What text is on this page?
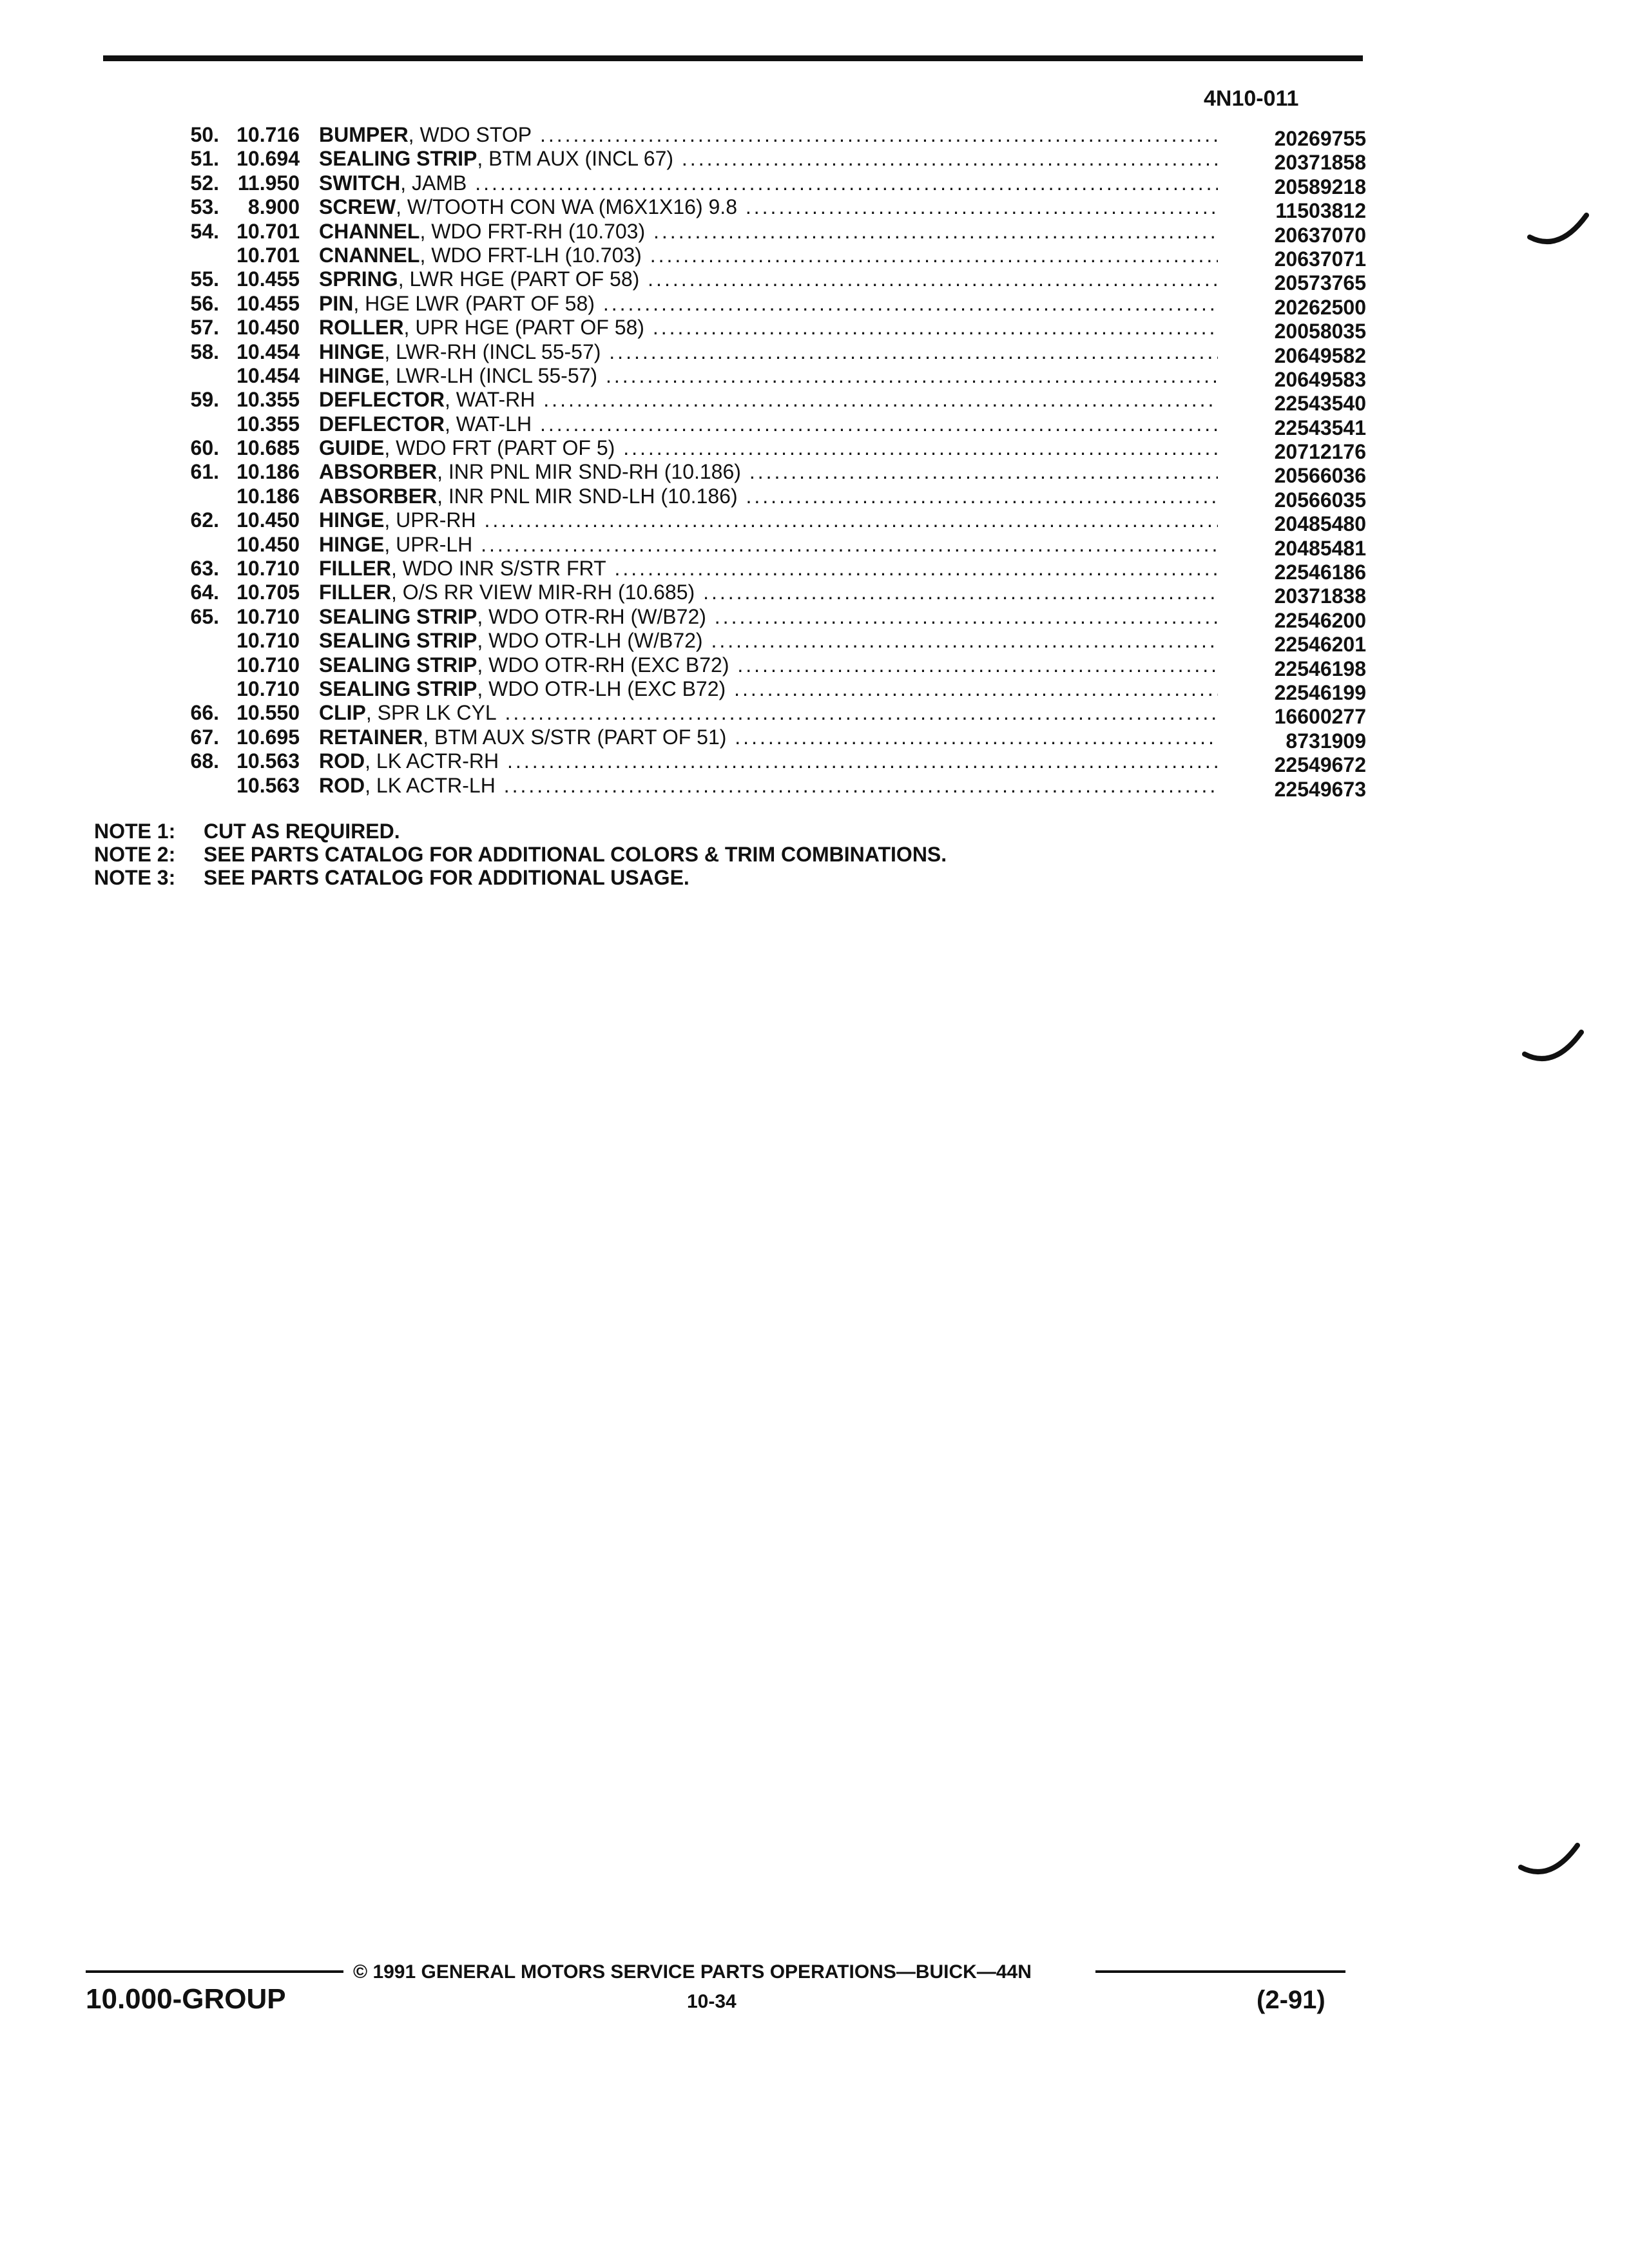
4N10-011
50. 10.716 BUMPER, WDO STOP .....	20269755
51. 10.694 SEALING STRIP, BTM AUX (INCL 67) .....	20371858
52. 11.950 SWITCH, JAMB .....	20589218
53.	8.900 SCREW, W/TOOTH CON WA (M6X1X16) 9.8 .....	11503812
54. 10.701 CHANNEL, WDO FRT-RH (10.703) .....	20637070
10.701 CNANNEL, WDO FRT-LH (10.703) .....	20637071
55. 10.455 SPRING, LWR HGE (PART OF 58) .....	20573765
56. 10.455 PIN, HGE LWR (PART OF 58) .....	20262500
57. 10.450 ROLLER, UPR HGE (PART OF 58) .....	20058035
58. 10.454 HINGE, LWR-RH (INCL 55-57) .....	20649582
10.454 HINGE, LWR-LH (INCL 55-57) .....	20649583
59. 10.355 DEFLECTOR, WAT-RH .....	22543540
10.355 DEFLECTOR, WAT-LH .....	22543541
60. 10.685 GUIDE, WDO FRT (PART OF 5) .....	20712176
61. 10.186 ABSORBER, INR PNL MIR SND-RH (10.186) .....	20566036
10.186 ABSORBER, INR PNL MIR SND-LH (10.186) .....	20566035
62. 10.450 HINGE, UPR-RH .....	20485480
10.450 HINGE, UPR-LH .....	20485481
63. 10.710 FILLER, WDO INR S/STR FRT .....	22546186
64. 10.705 FILLER, O/S RR VIEW MIR-RH (10.685) .....	20371838
65. 10.710 SEALING STRIP, WDO OTR-RH (W/B72) .....	22546200
10.710 SEALING STRIP, WDO OTR-LH (W/B72) .....	22546201
10.710 SEALING STRIP, WDO OTR-RH (EXC B72) .....	22546198
10.710 SEALING STRIP, WDO OTR-LH (EXC B72) .....	22546199
66. 10.550 CLIP, SPR LK CYL .....	16600277
67. 10.695 RETAINER, BTM AUX S/STR (PART OF 51) .....	8731909
68. 10.563 ROD, LK ACTR-RH .....	22549672
10.563 ROD, LK ACTR-LH .....	22549673
NOTE 1: CUT AS REQUIRED.
NOTE 2: SEE PARTS CATALOG FOR ADDITIONAL COLORS & TRIM COMBINATIONS.
NOTE 3: SEE PARTS CATALOG FOR ADDITIONAL USAGE.
© 1991 GENERAL MOTORS SERVICE PARTS OPERATIONS—BUICK—44N
10.000-GROUP	10-34	(2-91)
